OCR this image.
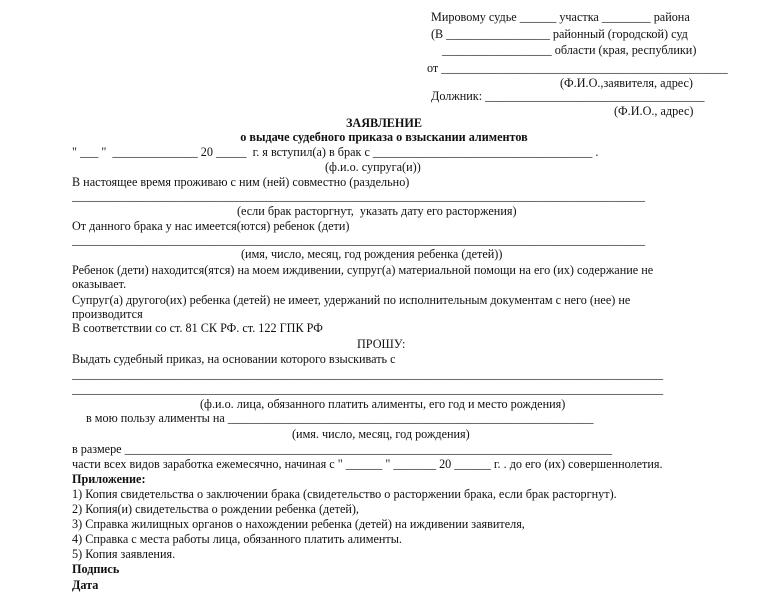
Мировому судье ______ участка ________ района
(В _________________ районный (городской) суд
__________________ области (края, республики)
от _______________________________________________
(Ф.И.О.,заявителя, адрес)
Должник: ____________________________________
(Ф.И.О., адрес)
ЗАЯВЛЕНИЕ
о выдаче судебного приказа о взыскании алиментов
" ___ "  ______________ 20 _____  г. я вступил(а) в брак с ____________________________________ .
(ф.и.о. супруга(и))
В настоящее время проживаю с ним (ней) совместно (раздельно)
______________________________________________________________________________________________
(если брак расторгнут,  указать дату его расторжения)
От данного брака у нас имеется(ются) ребенок (дети)
______________________________________________________________________________________________
(имя, число, месяц, год рождения ребенка (детей))
Ребенок (дети) находится(ятся) на моем иждивении, супруг(а) материальной помощи на его (их) содержание не
оказывает.
Супруг(а) другого(их) ребенка (детей) не имеет, удержаний по исполнительным документам с него (нее) не
производится
В соответствии со ст. 81 СК РФ. ст. 122 ГПК РФ
ПРОШУ:
Выдать судебный приказ, на основании которого взыскивать с
_________________________________________________________________________________________________
_________________________________________________________________________________________________
(ф.и.о. лица, обязанного платить алименты, его год и место рождения)
в мою пользу алименты на ____________________________________________________________
(имя. число, месяц, год рождения)
в размере ________________________________________________________________________________
части всех видов заработка ежемесячно, начиная с " ______ " _______ 20 ______ г. . до его (их) совершеннолетия.
Приложение:
1) Копия свидетельства о заключении брака (свидетельство о расторжении брака, если брак расторгнут).
2) Копия(и) свидетельства о рождении ребенка (детей),
3) Справка жилищных органов о нахождении ребенка (детей) на иждивении заявителя,
4) Справка с места работы лица, обязанного платить алименты.
5) Копия заявления.
Подпись
Дата
